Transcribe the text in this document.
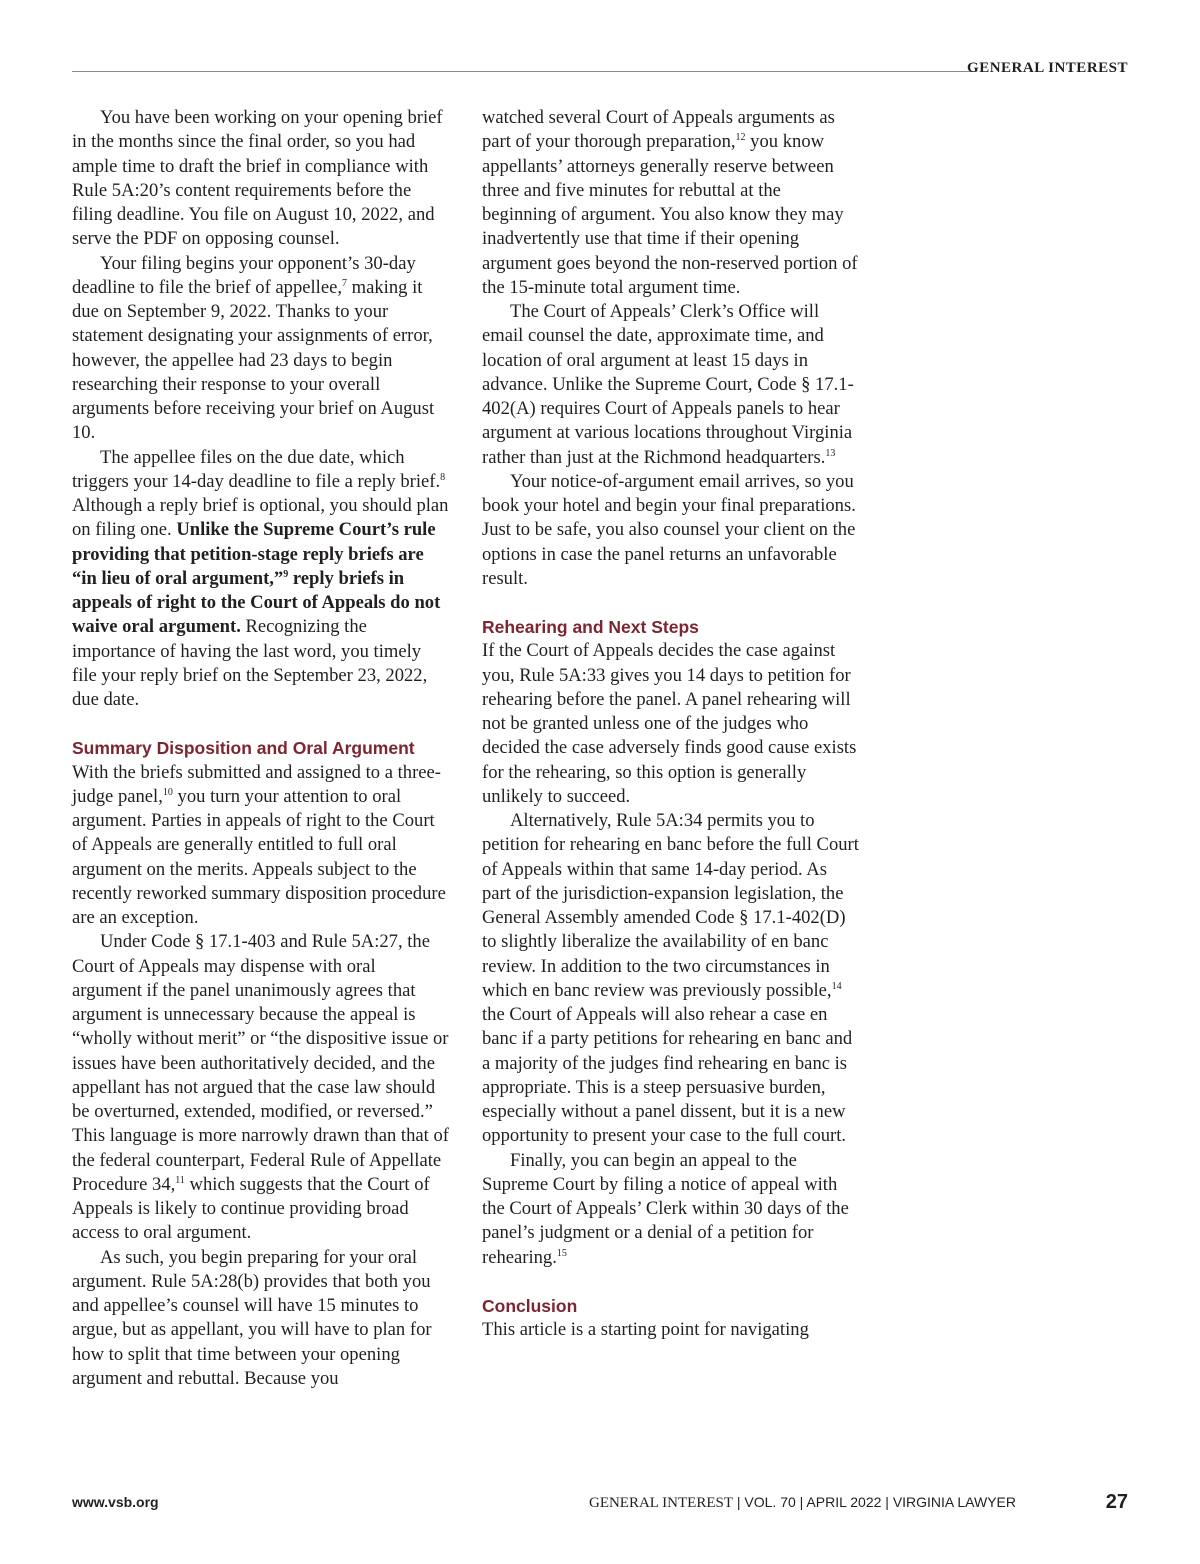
GENERAL INTEREST

You have been working on your opening brief in the months since the final order, so you had ample time to draft the brief in compliance with Rule 5A:20’s content requirements before the filing deadline. You file on August 10, 2022, and serve the PDF on opposing counsel.

Your filing begins your opponent’s 30-day deadline to file the brief of appellee,$^7$ making it due on September 9, 2022. Thanks to your statement designating your assignments of error, however, the appellee had 23 days to begin researching their response to your overall arguments before receiving your brief on August 10.

The appellee files on the due date, which triggers your 14-day deadline to file a reply brief.$^8$ Although a reply brief is optional, you should plan on filing one. Unlike the Supreme Court’s rule providing that petition-stage reply briefs are “in lieu of oral argument,”$^9$ reply briefs in appeals of right to the Court of Appeals do not waive oral argument. Recognizing the importance of having the last word, you timely file your reply brief on the September 23, 2022, due date.

Summary Disposition and Oral Argument

With the briefs submitted and assigned to a three-judge panel,$^{10}$ you turn your attention to oral argument. Parties in appeals of right to the Court of Appeals are generally entitled to full oral argument on the merits. Appeals subject to the recently reworked summary disposition procedure are an exception.

Under Code § 17.1-403 and Rule 5A:27, the Court of Appeals may dispense with oral argument if the panel unanimously agrees that argument is unnecessary because the appeal is “wholly without merit” or “the dispositive issue or issues have been authoritatively decided, and the appellant has not argued that the case law should be overturned, extended, modified, or reversed.” This language is more narrowly drawn than that of the federal counterpart, Federal Rule of Appellate Procedure 34,11 which suggests that the Court of Appeals is likely to continue providing broad access to oral argument.

As such, you begin preparing for your oral argument. Rule 5A:28(b) provides that both you and appellee’s counsel will have 15 minutes to argue, but as appellant, you will have to plan for how to split that time between your opening argument and rebuttal. Because you

watched several Court of Appeals arguments as part of your thorough preparation,$^{12}$ you know appellants’ attorneys generally reserve between three and five minutes for rebuttal at the beginning of argument. You also know they may inadvertently use that time if their opening argument goes beyond the non-reserved portion of the 15-minute total argument time.

The Court of Appeals’ Clerk’s Office will email counsel the date, approximate time, and location of oral argument at least 15 days in advance. Unlike the Supreme Court, Code § 17.1-402(A) requires Court of Appeals panels to hear argument at various locations throughout Virginia rather than just at the Richmond headquarters.$^{13}$

Your notice-of-argument email arrives, so you book your hotel and begin your final preparations. Just to be safe, you also counsel your client on the options in case the panel returns an unfavorable result.

Rehearing and Next Steps

If the Court of Appeals decides the case against you, Rule 5A:33 gives you 14 days to petition for rehearing before the panel. A panel rehearing will not be granted unless one of the judges who decided the case adversely finds good cause exists for the rehearing, so this option is generally unlikely to succeed.

Alternatively, Rule 5A:34 permits you to petition for rehearing en banc before the full Court of Appeals within that same 14-day period. As part of the jurisdiction-expansion legislation, the General Assembly amended Code § 17.1-402(D) to slightly liberalize the availability of en banc review. In addition to the two circumstances in which en banc review was previously possible,$^{14}$ the Court of Appeals will also rehear a case en banc if a party petitions for rehearing en banc and a majority of the judges find rehearing en banc is appropriate. This is a steep persuasive burden, especially without a panel dissent, but it is a new opportunity to present your case to the full court.

Finally, you can begin an appeal to the Supreme Court by filing a notice of appeal with the Court of Appeals’ Clerk within 30 days of the panel’s judgment or a denial of a petition for rehearing.$^{15}$

Conclusion

This article is a starting point for navigating

www.vsb.org	GENERAL INTEREST | VOL. 70 | APRIL 2022 | VIRGINIA LAWYER	27
